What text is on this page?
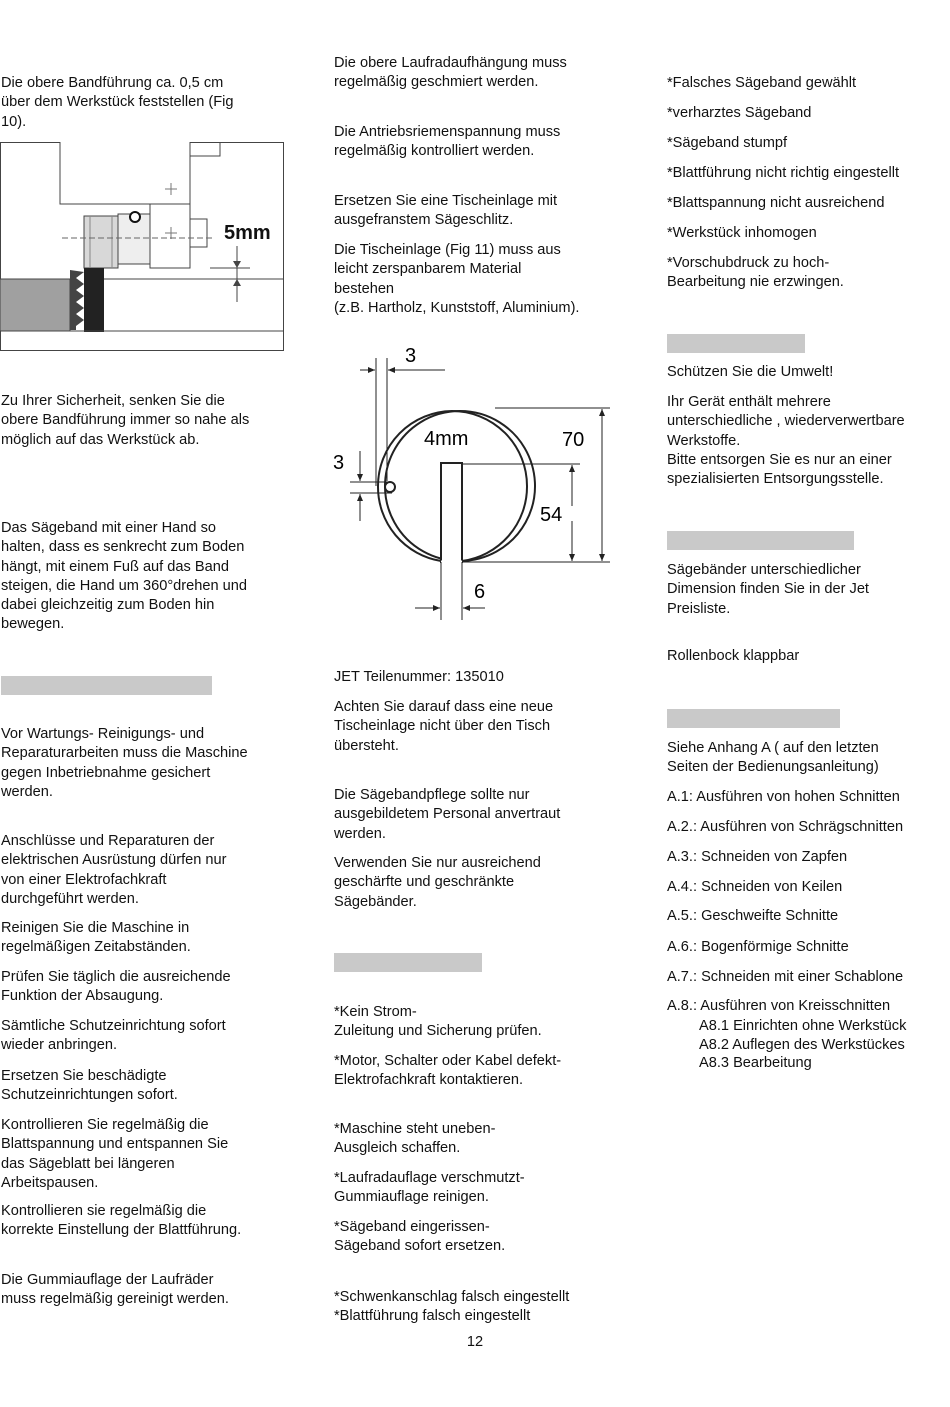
Die obere Bandführung ca. 0,5 cm
über dem Werkstück feststellen (Fig
10).

5mm

Zu Ihrer Sicherheit, senken Sie die
obere Bandführung immer so nahe als
möglich auf das Werkstück ab.

Das Sägeband mit einer Hand so
halten, dass es senkrecht zum Boden
hängt, mit einem Fuß auf das Band
steigen, die Hand um 360°drehen und
dabei gleichzeitig zum Boden hin
bewegen.

Vor Wartungs- Reinigungs- und
Reparaturarbeiten muss die Maschine
gegen Inbetriebnahme gesichert
werden.

Anschlüsse und Reparaturen der
elektrischen Ausrüstung dürfen nur
von einer Elektrofachkraft
durchgeführt werden.

Reinigen Sie die Maschine in
regelmäßigen Zeitabständen.

Prüfen Sie täglich die ausreichende
Funktion der Absaugung.

Sämtliche Schutzeinrichtung sofort
wieder anbringen.

Ersetzen Sie beschädigte
Schutzeinrichtungen sofort.

Kontrollieren Sie regelmäßig die
Blattspannung und entspannen Sie
das Sägeblatt bei längeren
Arbeitspausen.

Kontrollieren sie regelmäßig die
korrekte Einstellung der Blattführung.

Die Gummiauflage der Laufräder
muss regelmäßig gereinigt werden.

Die obere Laufradaufhängung muss
regelmäßig geschmiert werden.

Die Antriebsriemenspannung muss
regelmäßig kontrolliert werden.

Ersetzen Sie eine Tischeinlage mit
ausgefranstem Sägeschlitz.

Die Tischeinlage (Fig 11) muss aus
leicht zerspanbarem Material
bestehen
(z.B. Hartholz, Kunststoff, Aluminium).

3
3
4mm	70
54
6

JET Teilenummer: 135010

Achten Sie darauf dass eine neue
Tischeinlage nicht über den Tisch
übersteht.

Die Sägebandpflege sollte nur
ausgebildetem Personal anvertraut
werden.

Verwenden Sie nur ausreichend
geschärfte und geschränkte
Sägebänder.

*Kein Strom-
Zuleitung und Sicherung prüfen.

*Motor, Schalter oder Kabel defekt-
Elektrofachkraft kontaktieren.

*Maschine steht uneben-
Ausgleich schaffen.

*Laufradauflage verschmutzt-
Gummiauflage reinigen.

*Sägeband eingerissen-
Sägeband sofort ersetzen.

*Schwenkanschlag falsch eingestellt
*Blattführung falsch eingestellt

*Falsches Sägeband gewählt

*verharztes Sägeband

*Sägeband stumpf

*Blattführung nicht richtig eingestellt

*Blattspannung nicht ausreichend

*Werkstück inhomogen

*Vorschubdruck zu hoch-
Bearbeitung nie erzwingen.

Schützen Sie die Umwelt!

Ihr Gerät enthält mehrere
unterschiedliche , wiederverwertbare
Werkstoffe.
Bitte entsorgen Sie es nur an einer
spezialisierten Entsorgungsstelle.

Sägebänder unterschiedlicher
Dimension finden Sie in der Jet
Preisliste.

Rollenbock klappbar

Siehe Anhang A ( auf den letzten
Seiten der Bedienungsanleitung)

A.1: Ausführen von hohen Schnitten

A.2.: Ausführen von Schrägschnitten

A.3.: Schneiden von Zapfen

A.4.: Schneiden von Keilen

A.5.: Geschweifte Schnitte

A.6.: Bogenförmige Schnitte

A.7.: Schneiden mit einer Schablone

A.8.: Ausführen von Kreisschnitten

A8.1 Einrichten ohne Werkstück

A8.2 Auflegen des Werkstückes

A8.3 Bearbeitung

12
